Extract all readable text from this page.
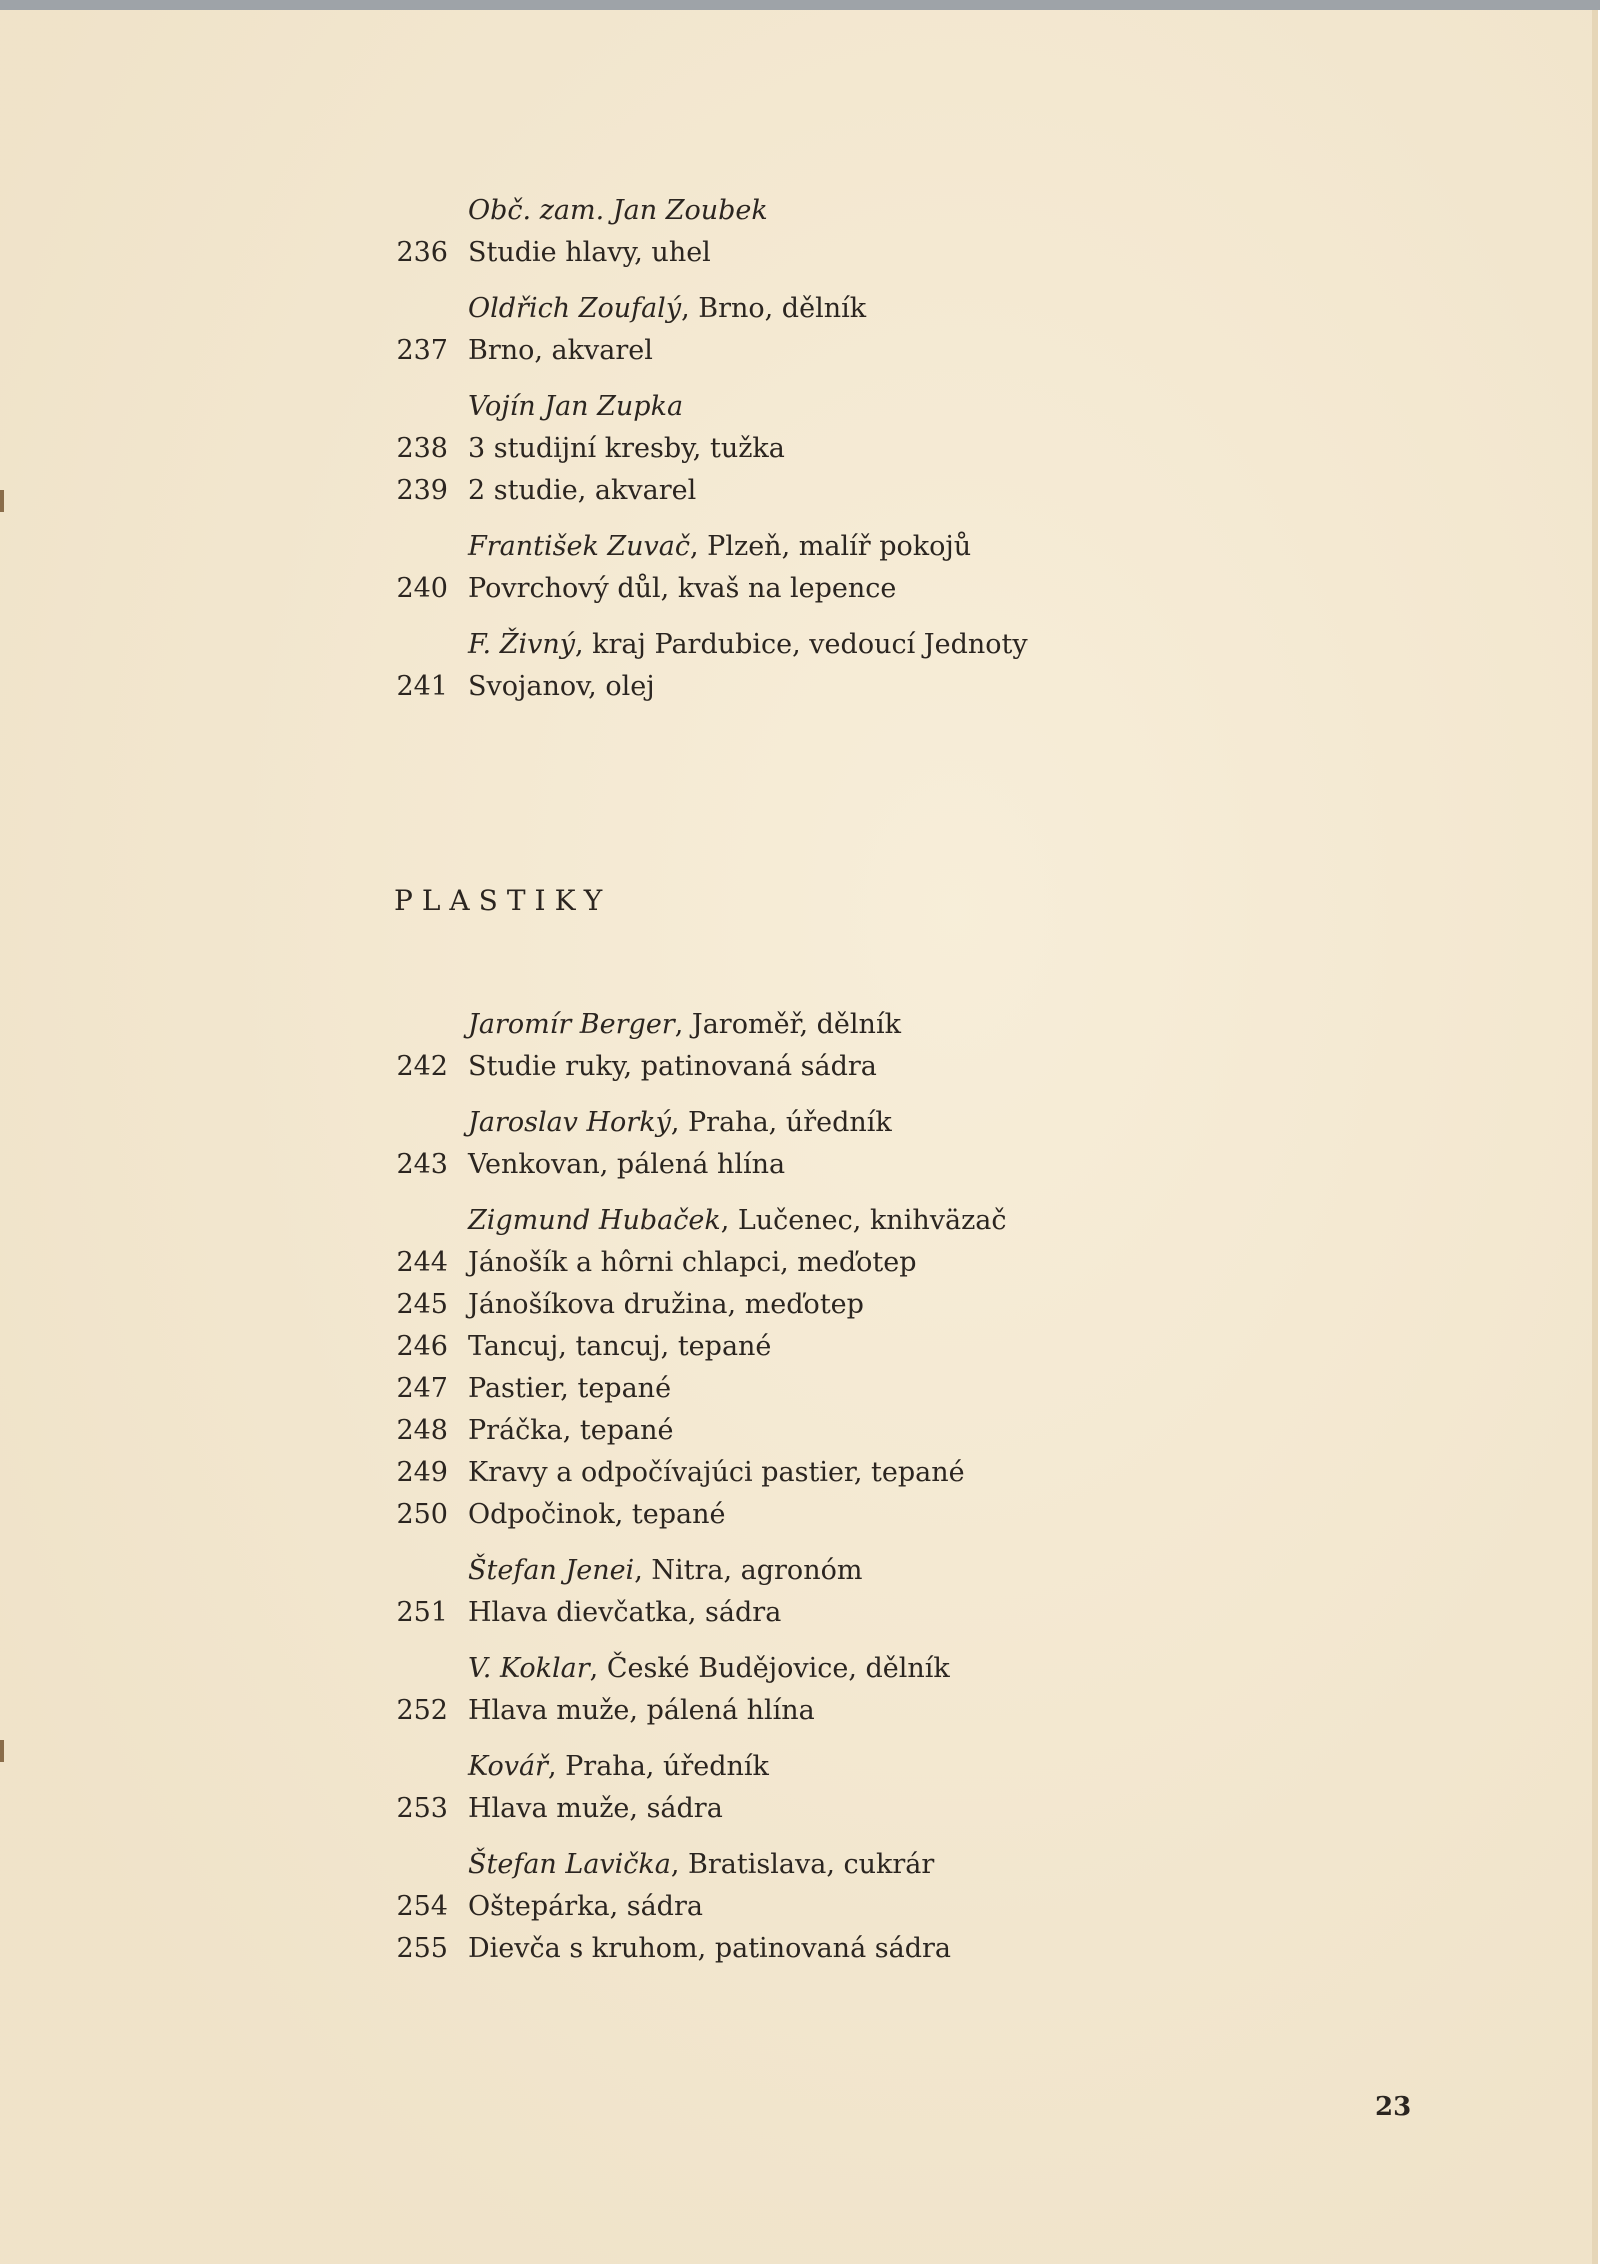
Obč. zam. Jan Zoubek
236 Studie hlavy, uhel
Oldřich Zoufalý, Brno, dělník
237 Brno, akvarel
Vojín Jan Zupka
238 3 studijní kresby, tužka
239 2 studie, akvarel
František Zuvač, Plzeň, malíř pokojů
240 Povrchový důl, kvaš na lepence
F. Živný, kraj Pardubice, vedoucí Jednoty
241 Svojanov, olej
PLASTIKY
Jaromír Berger, Jaroměř, dělník
242 Studie ruky, patinovaná sádra
Jaroslav Horký, Praha, úředník
243 Venkovan, pálená hlína
Zigmund Hubaček, Lučenec, knihväzač
244 Jánošík a hôrni chlapci, meďotep
245 Jánošíkova družina, meďotep
246 Tancuj, tancuj, tepané
247 Pastier, tepané
248 Práčka, tepané
249 Kravy a odpočívajúci pastier, tepané
250 Odpočinok, tepané
Štefan Jenei, Nitra, agronóm
251 Hlava dievčatka, sádra
V. Koklar, České Budějovice, dělník
252 Hlava muže, pálená hlína
Kovář, Praha, úředník
253 Hlava muže, sádra
Štefan Lavička, Bratislava, cukrár
254 Oštepárka, sádra
255 Dievča s kruhom, patinovaná sádra
23
